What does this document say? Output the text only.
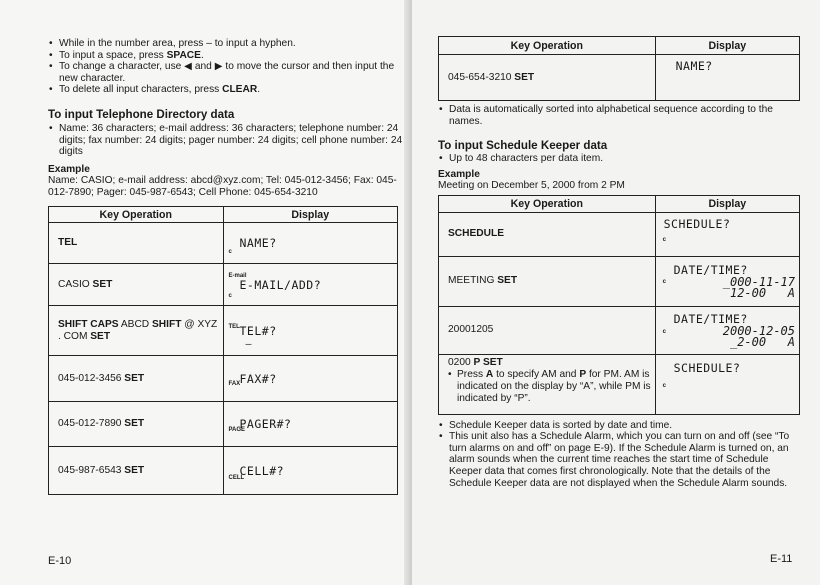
• While in the number area, press – to input a hyphen.
• To input a space, press SPACE.
• To change a character, use ◀ and ▶ to move the cursor and then input the new character.
• To delete all input characters, press CLEAR.
To input Telephone Directory data
• Name: 36 characters; e-mail address: 36 characters; telephone number: 24 digits; fax number: 24 digits; pager number: 24 digits; cell phone number: 24 digits
Example
Name: CASIO; e-mail address: abcd@xyz.com; Tel: 045-012-3456; Fax: 045-012-7890; Pager: 045-987-6543; Cell Phone: 045-654-3210
Key Operation	Display
TEL	NAME?
c

CASIO SET	E-mail
E-MAIL/ADD?
c

SHIFT CAPS ABCD SHIFT @ XYZ . COM SET	TEL TEL#?
—

045-012-3456 SET	FAX FAX#?

045-012-7890 SET	PAGE
PAGER#?

045-987-6543 SET	CELL
CELL#?
E-10
Key Operation	Display
045-654-3210 SET	NAME?
• Data is automatically sorted into alphabetical sequence according to the names.
To input Schedule Keeper data
• Up to 48 characters per data item.
Example
Meeting on December 5, 2000 from 2 PM
Key Operation	Display
SCHEDULE	SCHEDULE?
c

MEETING SET	DATE/TIME?
_000-11-17
12-00   A
c

20001205	DATE/TIME?
2000-12-05
_2-00   A
c

0200 P SET
• Press A to specify AM and P for PM. AM is indicated on the display by “A”, while PM is indicated by “P”.	SCHEDULE?
c
• Schedule Keeper data is sorted by date and time.
• This unit also has a Schedule Alarm, which you can turn on and off (see “To turn alarms on and off” on page E-9). If the Schedule Alarm is turned on, an alarm sounds when the current time reaches the start time of Schedule Keeper data that comes first chronologically. Note that the details of the Schedule Keeper data are not displayed when the Schedule Alarm sounds.
E-11
